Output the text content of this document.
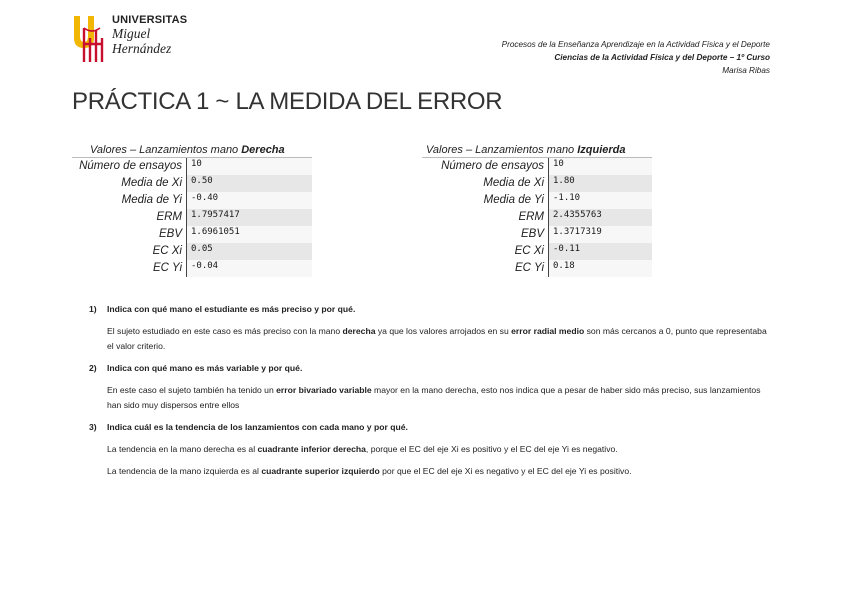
UNIVERSITAS
Miguel
Hernández	Procesos de la Enseñanza Aprendizaje en la Actividad Física y el Deporte
Ciencias de la Actividad Física y del Deporte – 1º Curso
Marisa Ribas
PRÁCTICA 1 ~ LA MEDIDA DEL ERROR
Valores – Lanzamientos mano Derecha
Número de ensayos	10
Media de Xi	0.50
Media de Yi	-0.40
ERM	1.7957417
EBV	1.6961051
EC Xi	0.05
EC Yi	-0.04
Valores – Lanzamientos mano Izquierda
Número de ensayos	10
Media de Xi	1.80
Media de Yi	-1.10
ERM	2.4355763
EBV	1.3717319
EC Xi	-0.11
EC Yi	0.18
1)	Indica con qué mano el estudiante es más preciso y por qué.
El sujeto estudiado en este caso es más preciso con la mano derecha ya que los valores arrojados en su error radial medio son más cercanos a 0, punto que representaba el valor criterio.
2)	Indica con qué mano es más variable y por qué.
En este caso el sujeto también ha tenido un error bivariado variable mayor en la mano derecha, esto nos indica que a pesar de haber sido más preciso, sus lanzamientos han sido muy dispersos entre ellos
3)	Indica cuál es la tendencia de los lanzamientos con cada mano y por qué.
La tendencia en la mano derecha es al cuadrante inferior derecha, porque el EC del eje Xi es positivo y el EC del eje Yi es negativo.
La tendencia de la mano izquierda es al cuadrante superior izquierdo por que el EC del eje Xi es negativo y el EC del eje Yi es positivo.
